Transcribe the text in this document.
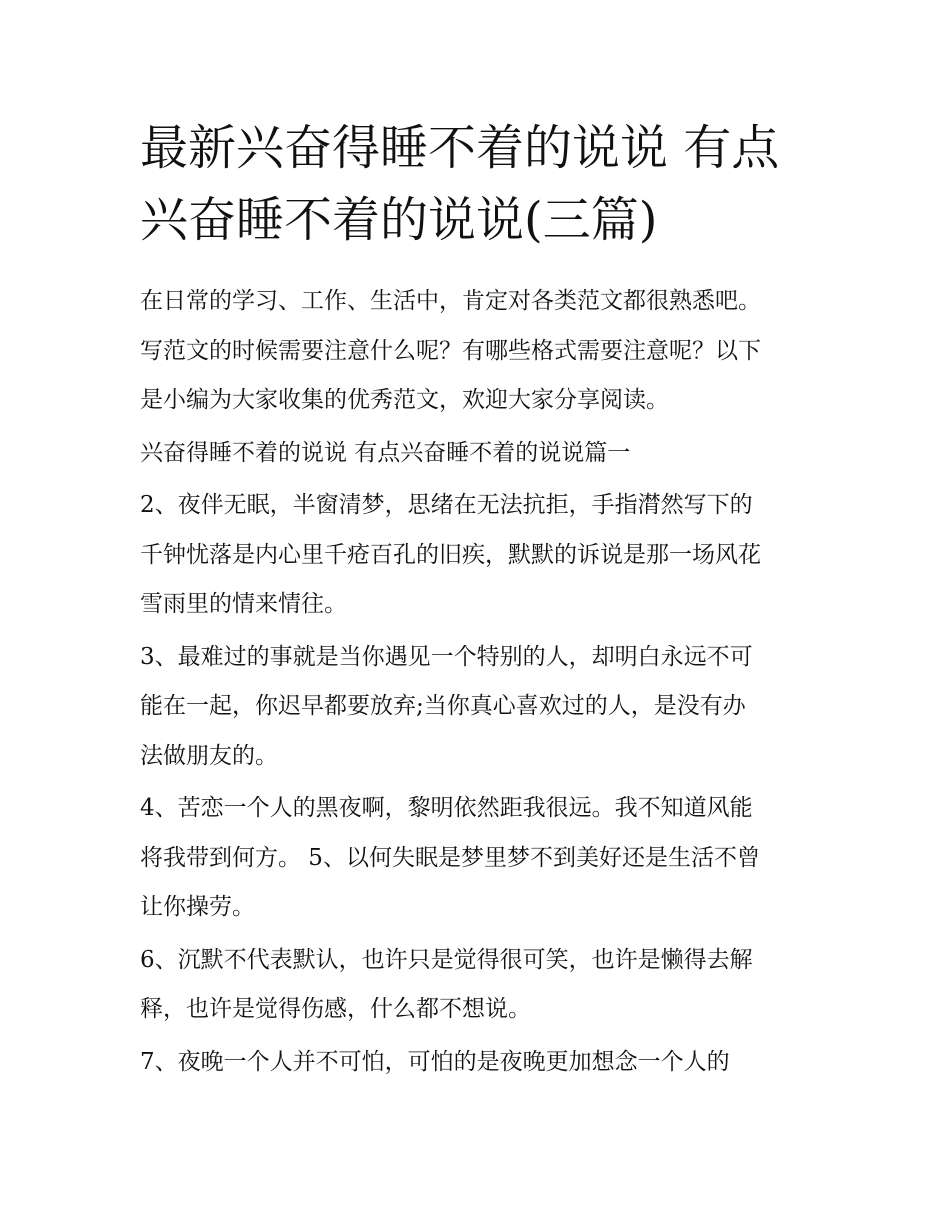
最新兴奋得睡不着的说说 有点
兴奋睡不着的说说(三篇)
在日常的学习、工作、生活中，肯定对各类范文都很熟悉吧。
写范文的时候需要注意什么呢？有哪些格式需要注意呢？以下
是小编为大家收集的优秀范文，欢迎大家分享阅读。
兴奋得睡不着的说说 有点兴奋睡不着的说说篇一
2、夜伴无眠，半窗清梦，思绪在无法抗拒，手指潸然写下的
千钟忧落是内心里千疮百孔的旧疾，默默的诉说是那一场风花
雪雨里的情来情往。
3、最难过的事就是当你遇见一个特别的人，却明白永远不可
能在一起，你迟早都要放弃;当你真心喜欢过的人，是没有办
法做朋友的。
4、苦恋一个人的黑夜啊，黎明依然距我很远。我不知道风能
将我带到何方。 5、以何失眠是梦里梦不到美好还是生活不曾
让你操劳。
6、沉默不代表默认，也许只是觉得很可笑，也许是懒得去解
释，也许是觉得伤感，什么都不想说。
7、夜晚一个人并不可怕，可怕的是夜晚更加想念一个人的
